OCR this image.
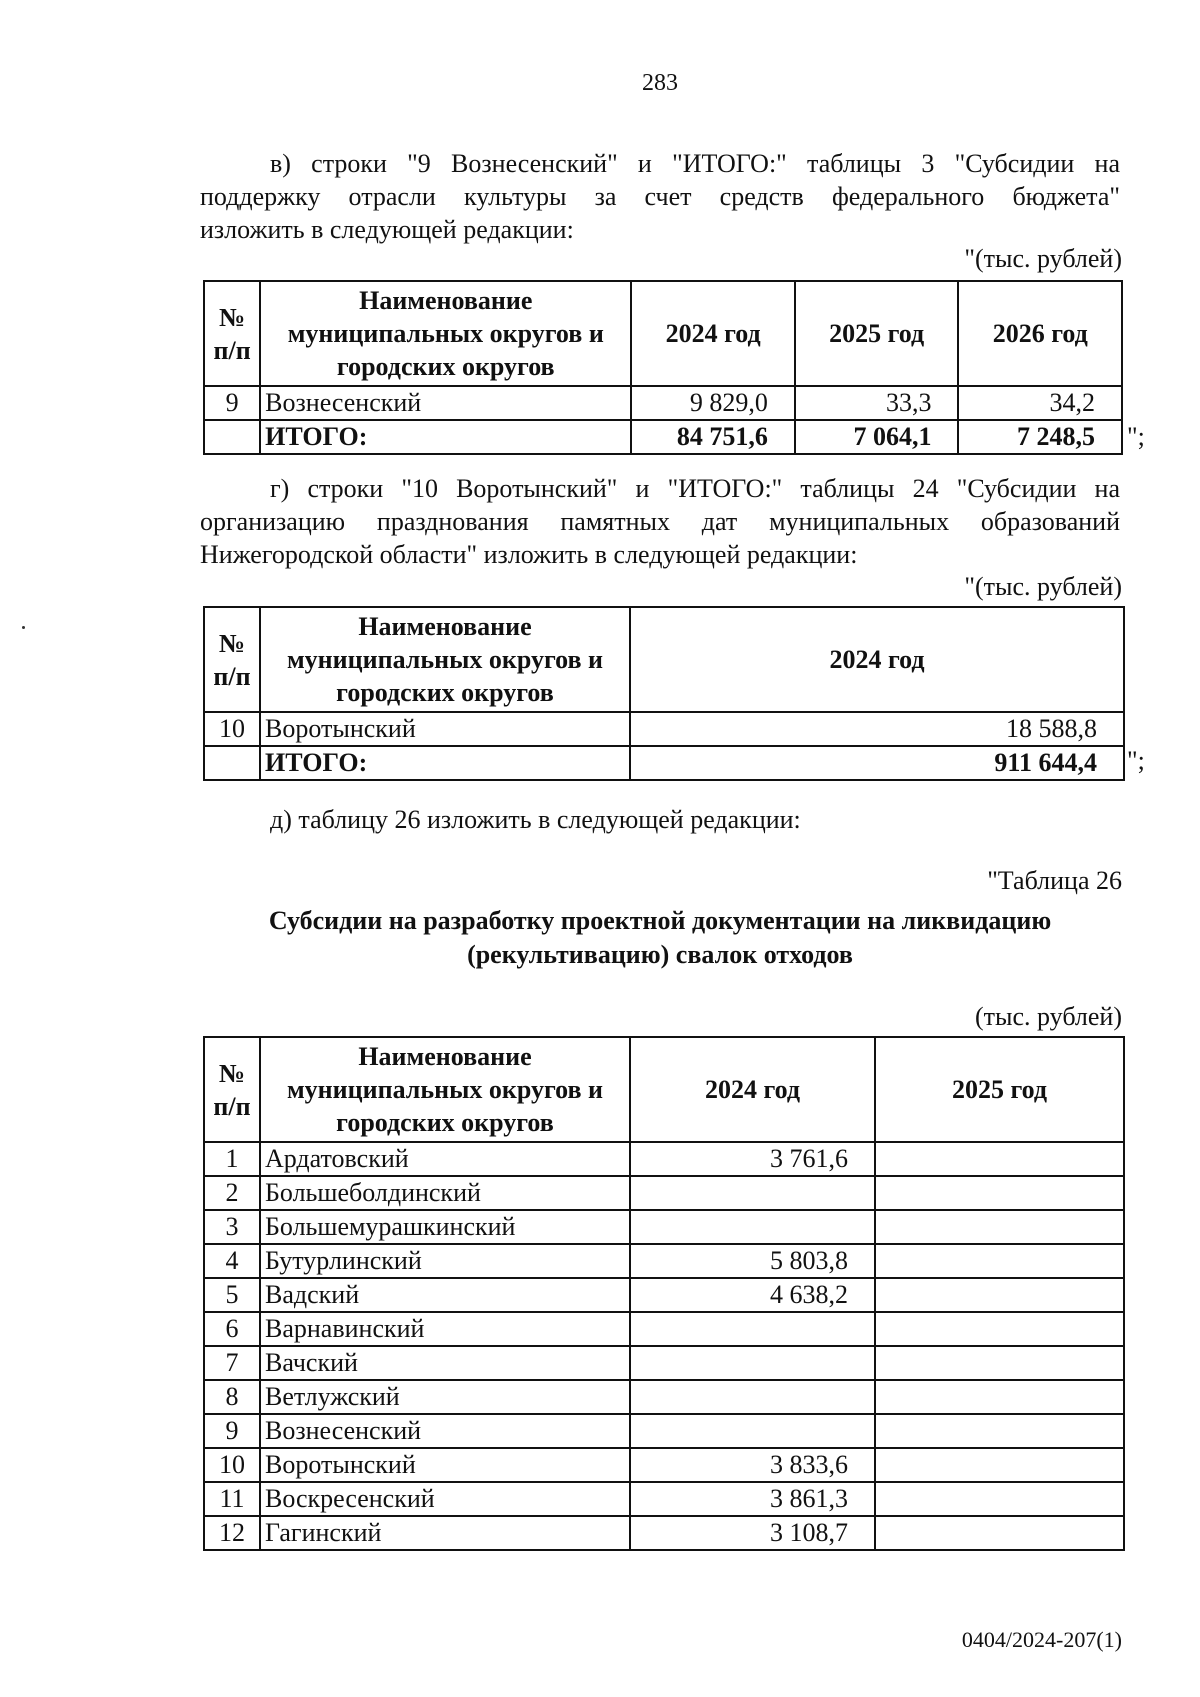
283
в) строки "9 Вознесенский" и "ИТОГО:" таблицы 3 "Субсидии на
поддержку отрасли культуры за счет средств федерального бюджета"
изложить в следующей редакции:
"(тыс. рублей)
№ п/п	Наименование муниципальных округов и городских округов	2024 год	2025 год	2026 год
9	Вознесенский	9 829,0	33,3	34,2
	ИТОГО:	84 751,6	7 064,1	7 248,5 ";
г) строки "10 Воротынский" и "ИТОГО:" таблицы 24 "Субсидии на
организацию празднования памятных дат муниципальных образований
Нижегородской области" изложить в следующей редакции:
"(тыс. рублей)
№ п/п	Наименование муниципальных округов и городских округов	2024 год
10	Воротынский	18 588,8
	ИТОГО:	911 644,4 ";
д) таблицу 26 изложить в следующей редакции:
"Таблица 26
Субсидии на разработку проектной документации на ликвидацию
(рекультивацию) свалок отходов
(тыс. рублей)
№ п/п	Наименование муниципальных округов и городских округов	2024 год	2025 год
1	Ардатовский	3 761,6	
2	Большеболдинский		
3	Большемурашкинский		
4	Бутурлинский	5 803,8	
5	Вадский	4 638,2	
6	Варнавинский		
7	Вачский		
8	Ветлужский		
9	Вознесенский		
10	Воротынский	3 833,6	
11	Воскресенский	3 861,3	
12	Гагинский	3 108,7	
0404/2024-207(1)
